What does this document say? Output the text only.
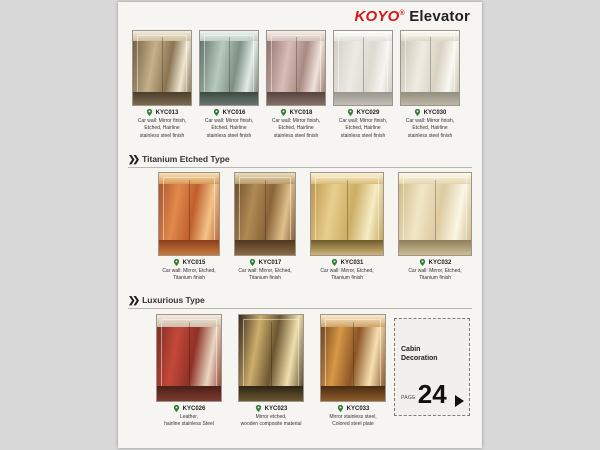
KOYO® Elevator
KYC013
Car wall: Mirror finish,
Etched, Hairline
stainless steel finish
KYC016
Car wall: Mirror finish,
Etched, Hairline
stainless steel finish
KYC018
Car wall: Mirror finish,
Etched, Hairline
stainless steel finish
KYC029
Car wall: Mirror finish,
Etched, Hairline
stainless steel finish
KYC030
Car wall: Mirror finish,
Etched, Hairline
stainless steel finish
❯❯ Titanium Etched Type
KYC015
Car wall: Mirror, Etched,
Titanium finish
KYC017
Car wall: Mirror, Etched,
Titanium finish
KYC031
Car wall: Mirror, Etched,
Titanium finish
KYC032
Car wall: Mirror, Etched,
Titanium finish
❯❯ Luxurious Type
KYC026
Leather,
hairline stainless Steel
KYC023
Mirror etched,
wooden composite material
KYC033
Mirror stainless steel,
Colored steel plate
Cabin
Decoration
PAGE 24
